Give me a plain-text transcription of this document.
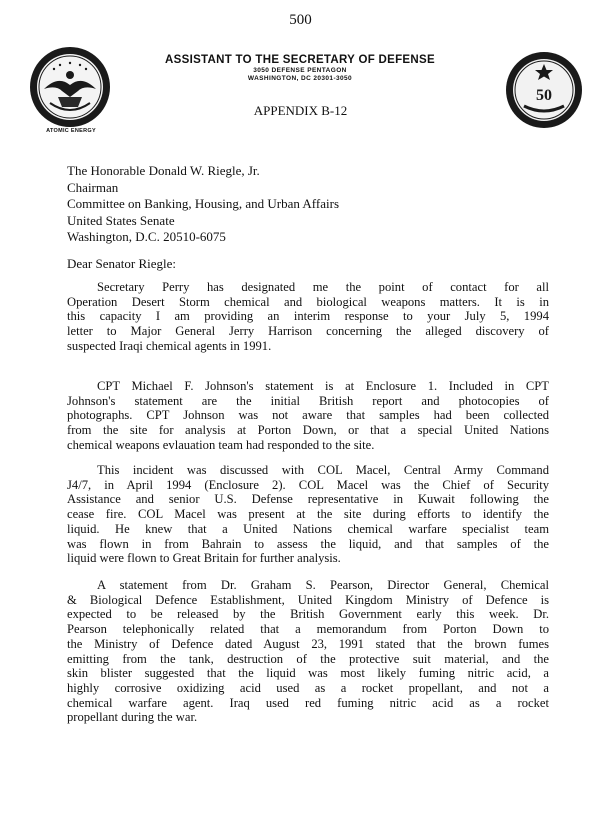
500
ATOMIC ENERGY
ASSISTANT TO THE SECRETARY OF DEFENSE
3050 DEFENSE PENTAGON
WASHINGTON, DC 20301-3050
50
APPENDIX B-12
The Honorable Donald W. Riegle, Jr.
Chairman
Committee on Banking, Housing, and Urban Affairs
United States Senate
Washington, D.C. 20510-6075
Dear Senator Riegle:
Secretary Perry has designated me the point of contact for all
Operation Desert Storm chemical and biological weapons matters. It is in
this capacity I am providing an interim response to your July 5, 1994
letter to Major General Jerry Harrison concerning the alleged discovery of
suspected Iraqi chemical agents in 1991.
CPT Michael F. Johnson's statement is at Enclosure 1. Included in CPT
Johnson's statement are the initial British report and photocopies of
photographs. CPT Johnson was not aware that samples had been collected
from the site for analysis at Porton Down, or that a special United Nations
chemical weapons evlauation team had responded to the site.
This incident was discussed with COL Macel, Central Army Command
J4/7, in April 1994 (Enclosure 2). COL Macel was the Chief of Security
Assistance and senior U.S. Defense representative in Kuwait following the
cease fire. COL Macel was present at the site during efforts to identify the
liquid. He knew that a United Nations chemical warfare specialist team
was flown in from Bahrain to assess the liquid, and that samples of the
liquid were flown to Great Britain for further analysis.
A statement from Dr. Graham S. Pearson, Director General, Chemical
& Biological Defence Establishment, United Kingdom Ministry of Defence is
expected to be released by the British Government early this week. Dr.
Pearson telephonically related that a memorandum from Porton Down to
the Ministry of Defence dated August 23, 1991 stated that the brown fumes
emitting from the tank, destruction of the protective suit material, and the
skin blister suggested that the liquid was most likely fuming nitric acid, a
highly corrosive oxidizing acid used as a rocket propellant, and not a
chemical warfare agent. Iraq used red fuming nitric acid as a rocket
propellant during the war.
